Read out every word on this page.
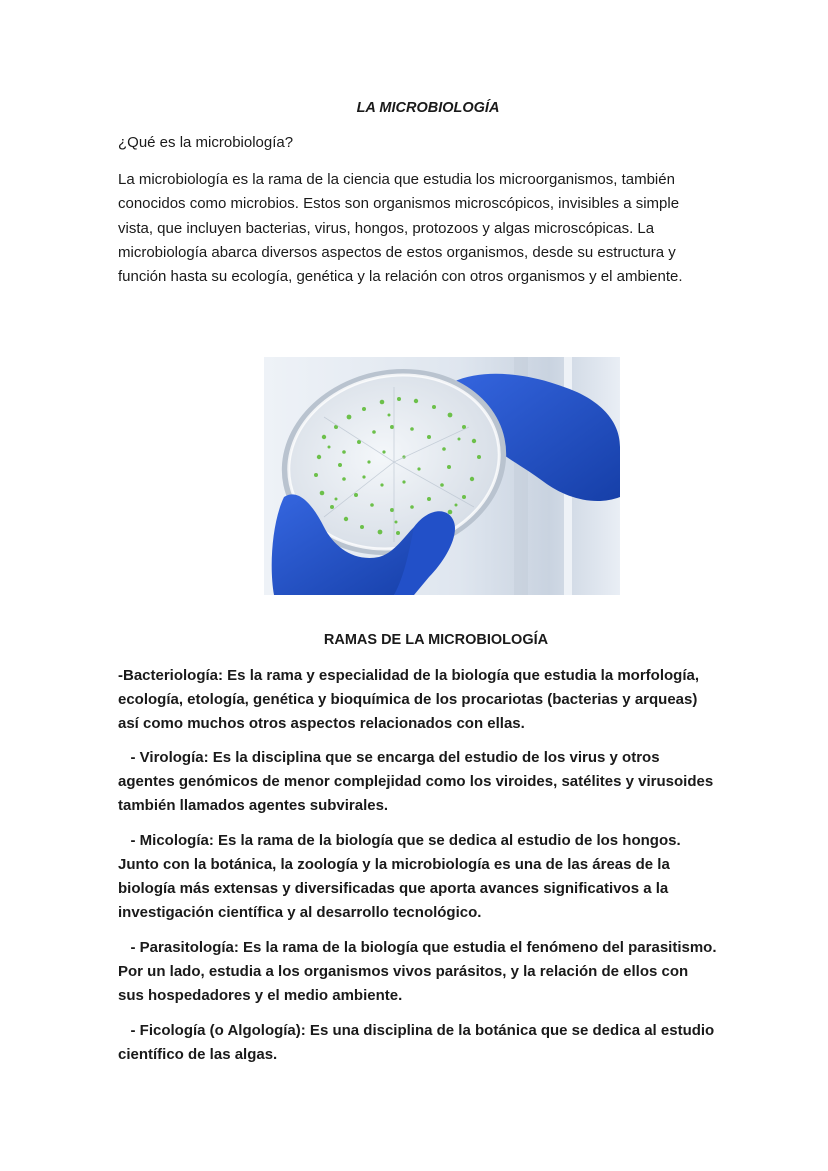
LA MICROBIOLOGÍA
¿Qué es la microbiología?
La microbiología es la rama de la ciencia que estudia los microorganismos, también conocidos como microbios. Estos son organismos microscópicos, invisibles a simple vista, que incluyen bacterias, virus, hongos, protozoos y algas microscópicas. La microbiología abarca diversos aspectos de estos organismos, desde su estructura y función hasta su ecología, genética y la relación con otros organismos y el ambiente.
RAMAS DE LA MICROBIOLOGÍA

-Bacteriología: Es la rama y especialidad de la biología que estudia la morfología, ecología, etología, genética y bioquímica de los procariotas (bacterias y arqueas) así como muchos otros aspectos relacionados con ellas.

- Virología: Es la disciplina que se encarga del estudio de los virus y otros agentes genómicos de menor complejidad como los viroides, satélites y virusoides también llamados agentes subvirales.

- Micología: Es la rama de la biología que se dedica al estudio de los hongos. Junto con la botánica, la zoología y la microbiología es una de las áreas de la biología más extensas y diversificadas que aporta avances significativos a la investigación científica y al desarrollo tecnológico.

- Parasitología: Es la rama de la biología que estudia el fenómeno del parasitismo. Por un lado, estudia a los organismos vivos parásitos, y la relación de ellos con sus hospedadores y el medio ambiente.

- Ficología (o Algología): Es una disciplina de la botánica que se dedica al estudio científico de las algas.
